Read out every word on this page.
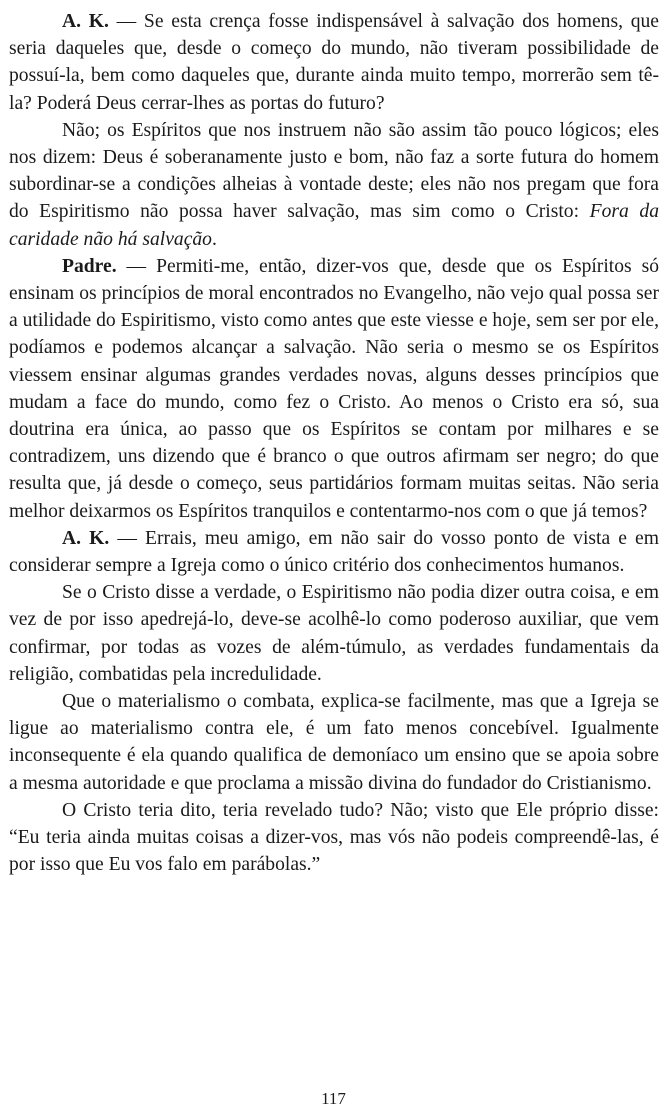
A. K. — Se esta crença fosse indispensável à salvação dos homens, que seria daqueles que, desde o começo do mundo, não tiveram possibilidade de possuí-la, bem como daqueles que, durante ainda muito tempo, morrerão sem tê-la? Poderá Deus cerrar-lhes as portas do futuro?

Não; os Espíritos que nos instruem não são assim tão pouco lógicos; eles nos dizem: Deus é soberanamente justo e bom, não faz a sorte futura do homem subordinar-se a condições alheias à vontade deste; eles não nos pregam que fora do Espiritismo não possa haver salvação, mas sim como o Cristo: Fora da caridade não há salvação.

Padre. — Permiti-me, então, dizer-vos que, desde que os Espíritos só ensinam os princípios de moral encontrados no Evangelho, não vejo qual possa ser a utilidade do Espiritismo, visto como antes que este viesse e hoje, sem ser por ele, podíamos e podemos alcançar a salvação. Não seria o mesmo se os Espíritos viessem ensinar algumas grandes verdades novas, alguns desses princípios que mudam a face do mundo, como fez o Cristo. Ao menos o Cristo era só, sua doutrina era única, ao passo que os Espíritos se contam por milhares e se contradizem, uns dizendo que é branco o que outros afirmam ser negro; do que resulta que, já desde o começo, seus partidários formam muitas seitas. Não seria melhor deixarmos os Espíritos tranquilos e contentarmo-nos com o que já temos?

A. K. — Errais, meu amigo, em não sair do vosso ponto de vista e em considerar sempre a Igreja como o único critério dos conhecimentos humanos.

Se o Cristo disse a verdade, o Espiritismo não podia dizer outra coisa, e em vez de por isso apedrejá-lo, deve-se acolhê-lo como poderoso auxiliar, que vem confirmar, por todas as vozes de além-túmulo, as verdades fundamentais da religião, combatidas pela incredulidade.

Que o materialismo o combata, explica-se facilmente, mas que a Igreja se ligue ao materialismo contra ele, é um fato menos concebível. Igualmente inconsequente é ela quando qualifica de demoníaco um ensino que se apoia sobre a mesma autoridade e que proclama a missão divina do fundador do Cristianismo.

O Cristo teria dito, teria revelado tudo? Não; visto que Ele próprio disse: “Eu teria ainda muitas coisas a dizer-vos, mas vós não podeis compreendê-las, é por isso que Eu vos falo em parábolas.”

117
